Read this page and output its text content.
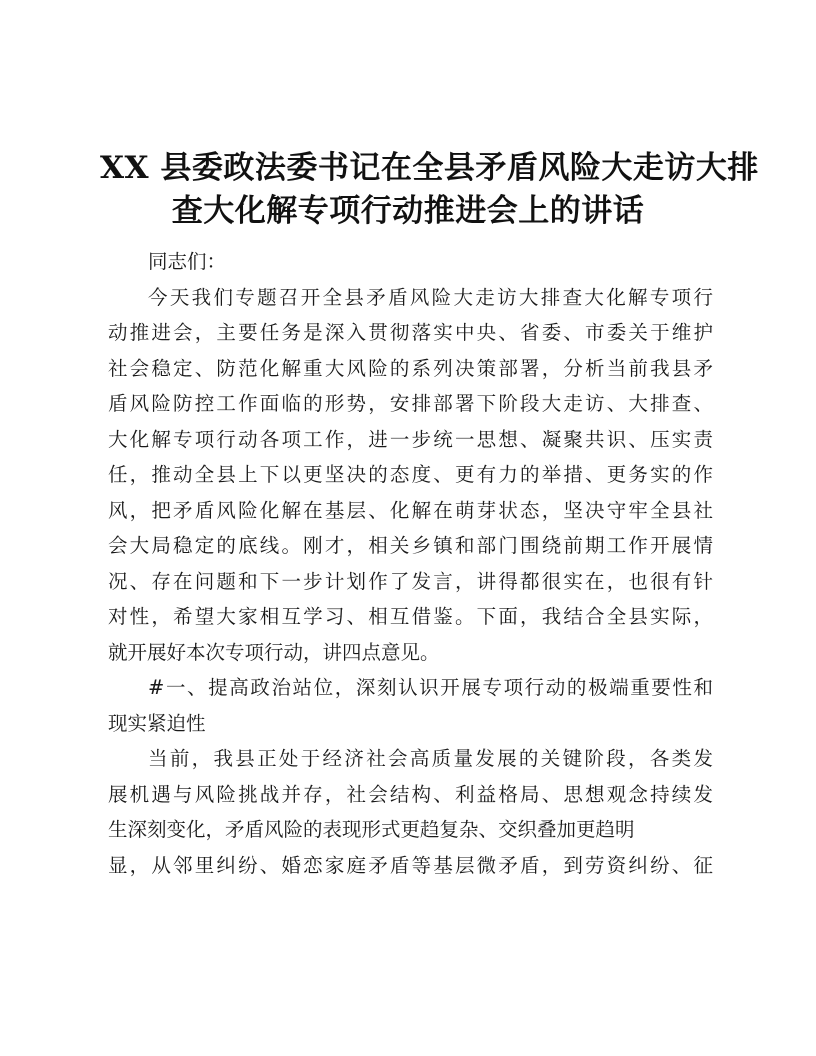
XX 县委政法委书记在全县矛盾风险大走访大排
查大化解专项行动推进会上的讲话
同志们：
今天我们专题召开全县矛盾风险大走访大排查大化解专项行
动推进会，主要任务是深入贯彻落实中央、省委、市委关于维护
社会稳定、防范化解重大风险的系列决策部署，分析当前我县矛
盾风险防控工作面临的形势，安排部署下阶段大走访、大排查、
大化解专项行动各项工作，进一步统一思想、凝聚共识、压实责
任，推动全县上下以更坚决的态度、更有力的举措、更务实的作
风，把矛盾风险化解在基层、化解在萌芽状态，坚决守牢全县社
会大局稳定的底线。刚才，相关乡镇和部门围绕前期工作开展情
况、存在问题和下一步计划作了发言，讲得都很实在，也很有针
对性，希望大家相互学习、相互借鉴。下面，我结合全县实际，
就开展好本次专项行动，讲四点意见。
#一、提高政治站位，深刻认识开展专项行动的极端重要性和
现实紧迫性
当前，我县正处于经济社会高质量发展的关键阶段，各类发
展机遇与风险挑战并存，社会结构、利益格局、思想观念持续发
生深刻变化，矛盾风险的表现形式更趋复杂、交织叠加更趋明
显，从邻里纠纷、婚恋家庭矛盾等基层微矛盾，到劳资纠纷、征
